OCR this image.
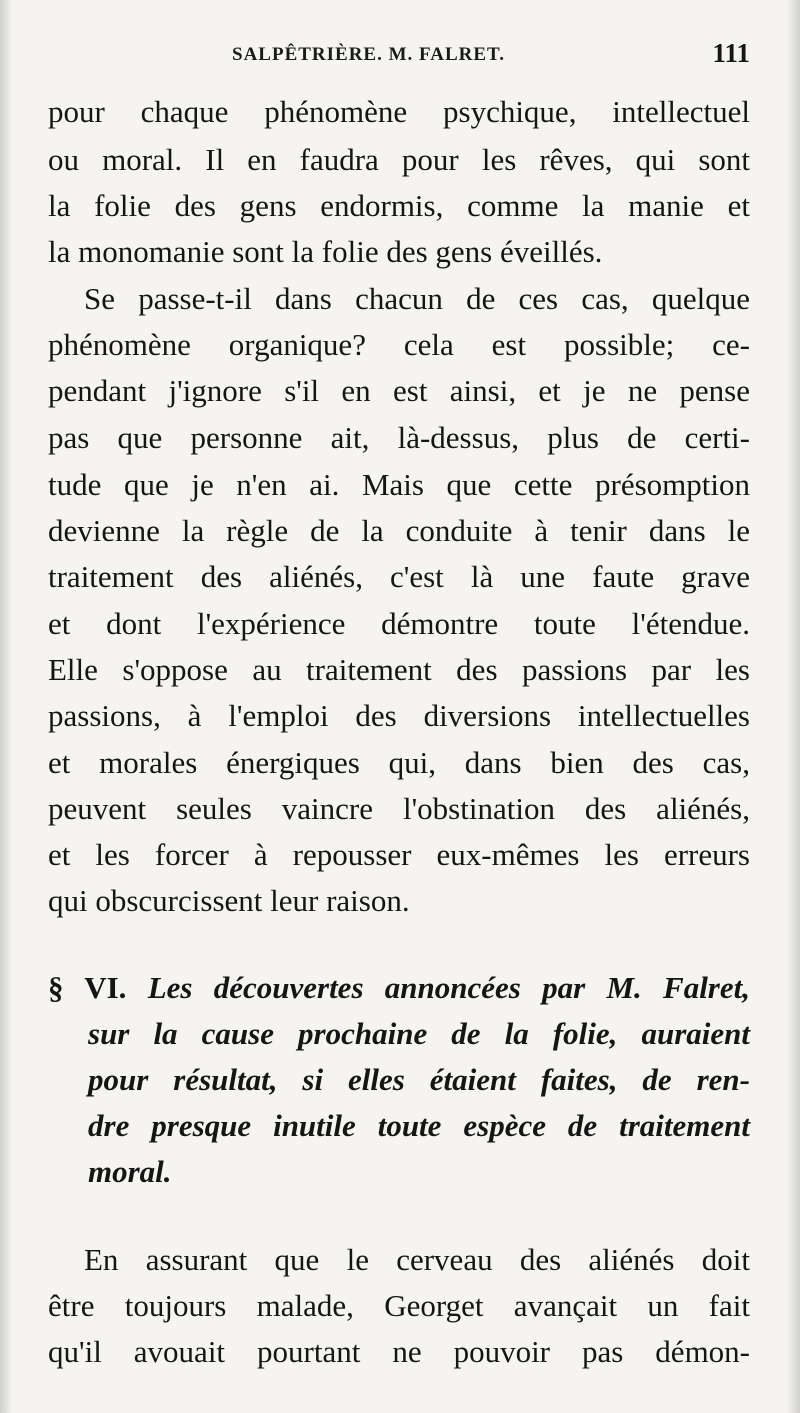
SALPÊTRIÈRE. M. FALRET.	111
pour chaque phénomène psychique, intellectuel
ou moral. Il en faudra pour les rêves, qui sont
la folie des gens endormis, comme la manie et
la monomanie sont la folie des gens éveillés.
Se passe-t-il dans chacun de ces cas, quelque
phénomène organique? cela est possible; ce-
pendant j'ignore s'il en est ainsi, et je ne pense
pas que personne ait, là-dessus, plus de certi-
tude que je n'en ai. Mais que cette présomption
devienne la règle de la conduite à tenir dans le
traitement des aliénés, c'est là une faute grave
et dont l'expérience démontre toute l'étendue.
Elle s'oppose au traitement des passions par les
passions, à l'emploi des diversions intellectuelles
et morales énergiques qui, dans bien des cas,
peuvent seules vaincre l'obstination des aliénés,
et les forcer à repousser eux-mêmes les erreurs
qui obscurcissent leur raison.
§ VI. Les découvertes annoncées par M. Falret,
sur la cause prochaine de la folie, auraient
pour résultat, si elles étaient faites, de ren-
dre presque inutile toute espèce de traitement
moral.
En assurant que le cerveau des aliénés doit
être toujours malade, Georget avançait un fait
qu'il avouait pourtant ne pouvoir pas démon-
